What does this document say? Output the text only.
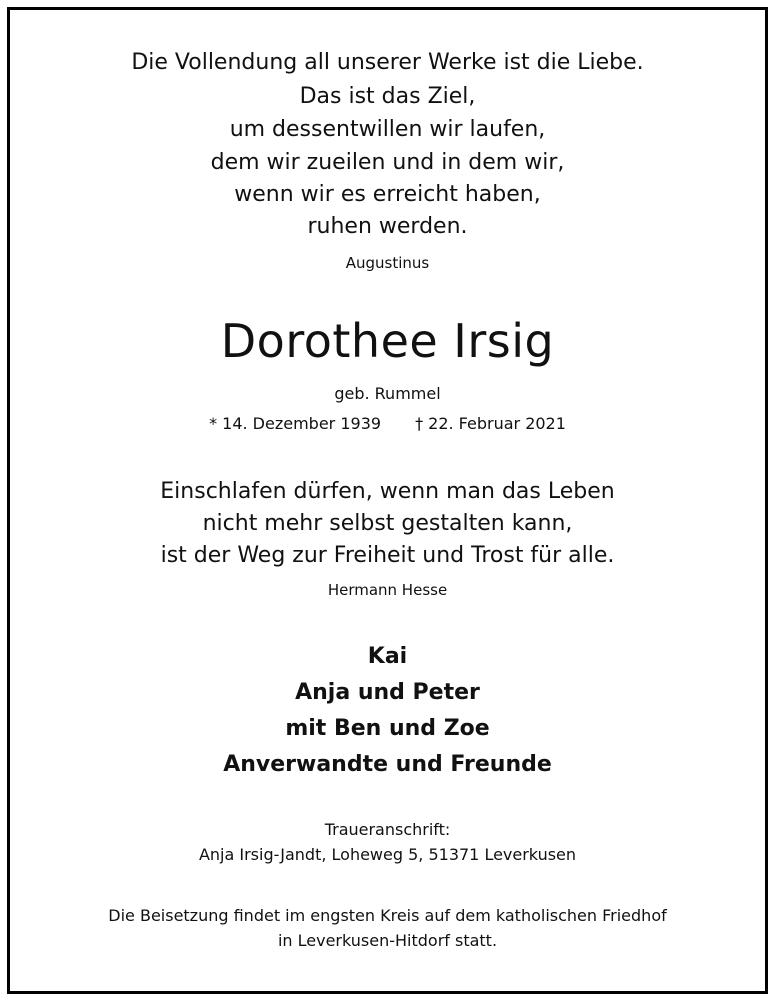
Die Vollendung all unserer Werke ist die Liebe.
Das ist das Ziel,
um dessentwillen wir laufen,
dem wir zueilen und in dem wir,
wenn wir es erreicht haben,
ruhen werden.
Augustinus
Dorothee Irsig
geb. Rummel
* 14. Dezember 1939 † 22. Februar 2021
Einschlafen dürfen, wenn man das Leben
nicht mehr selbst gestalten kann,
ist der Weg zur Freiheit und Trost für alle.
Hermann Hesse
Kai
Anja und Peter
mit Ben und Zoe
Anverwandte und Freunde
Traueranschrift:
Anja Irsig-Jandt, Loheweg 5, 51371 Leverkusen
Die Beisetzung findet im engsten Kreis auf dem katholischen Friedhof
in Leverkusen-Hitdorf statt.
